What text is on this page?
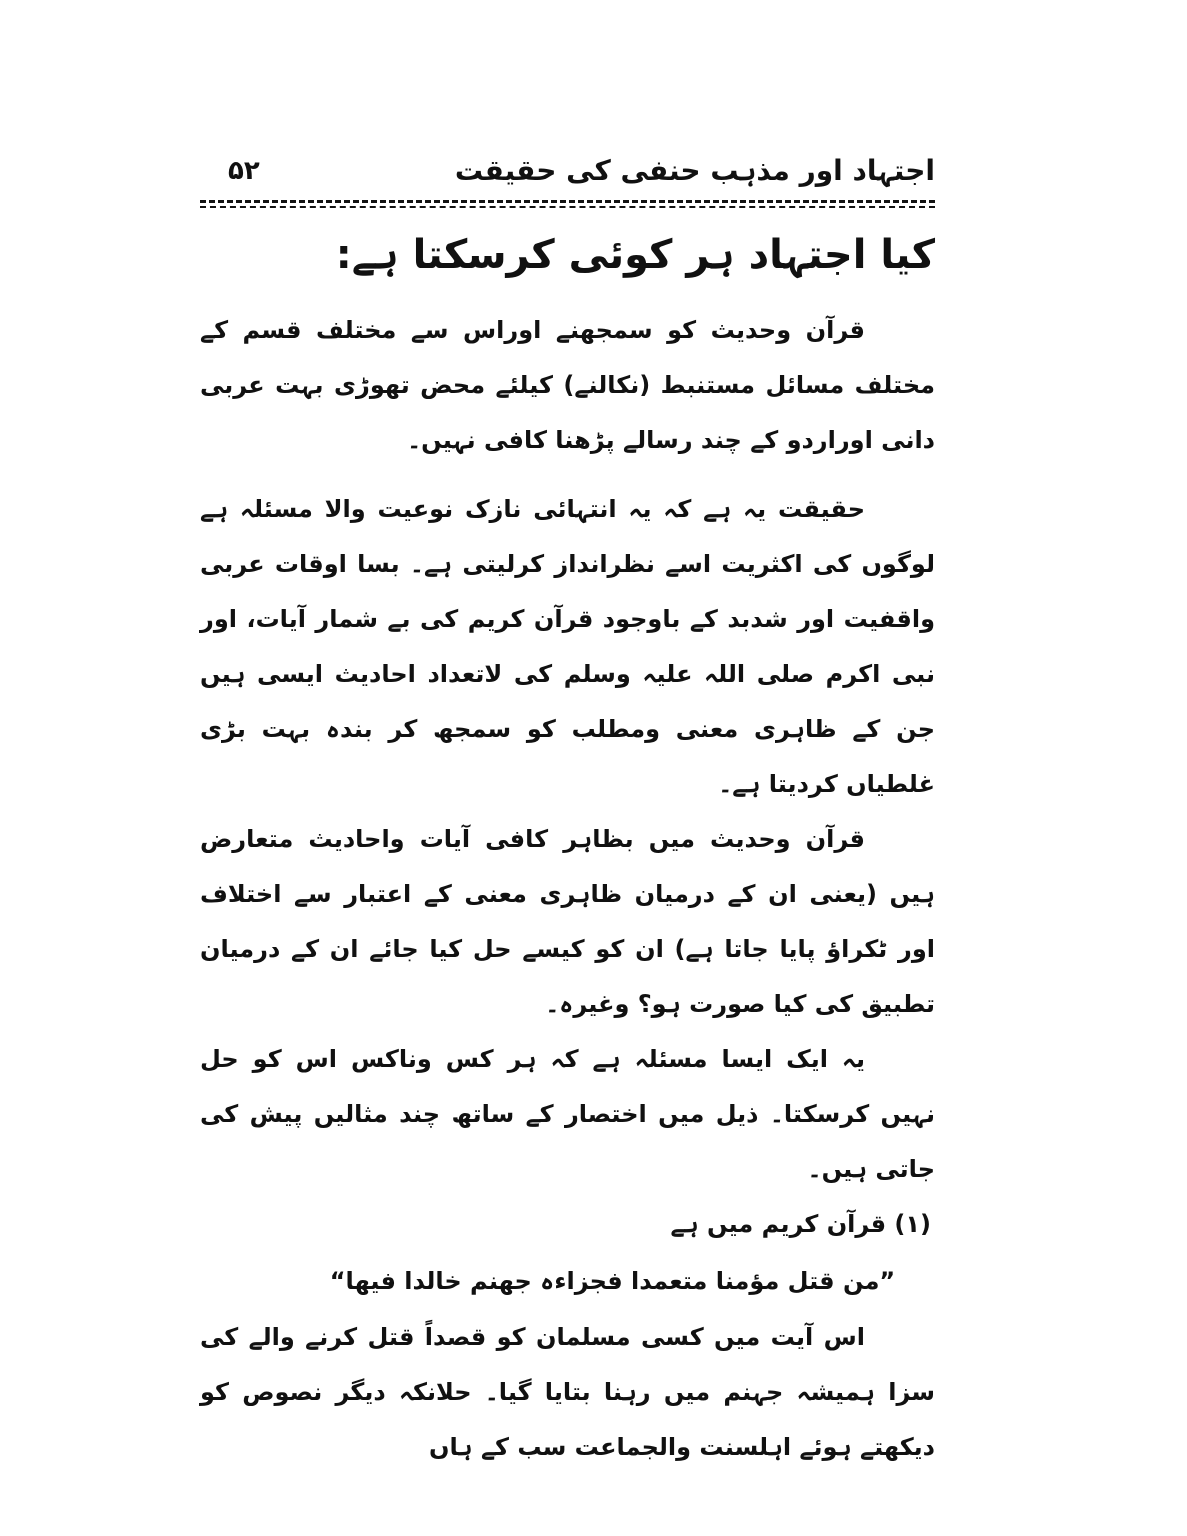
۵۲	اجتہاد اور مذہب حنفی کی حقیقت
کیا اجتہاد ہر کوئی کرسکتا ہے:

قرآن وحدیث کو سمجھنے اوراس سے مختلف قسم کے مختلف مسائل مستنبط (نکالنے) کیلئے محض تھوڑی بہت عربی دانی اوراردو کے چند رسالے پڑھنا کافی نہیں۔

حقیقت یہ ہے کہ یہ انتہائی نازک نوعیت والا مسئلہ ہے لوگوں کی اکثریت اسے نظرانداز کرلیتی ہے۔ بسا اوقات عربی واقفیت اور شدبد کے باوجود قرآن کریم کی بے شمار آیات، اور نبی اکرم صلی اللہ علیہ وسلم کی لاتعداد احادیث ایسی ہیں جن کے ظاہری معنی ومطلب کو سمجھ کر بندہ بہت بڑی غلطیاں کردیتا ہے۔

قرآن وحدیث میں بظاہر کافی آیات واحادیث متعارض ہیں (یعنی ان کے درمیان ظاہری معنی کے اعتبار سے اختلاف اور ٹکراؤ پایا جاتا ہے) ان کو کیسے حل کیا جائے ان کے درمیان تطبیق کی کیا صورت ہو؟ وغیرہ۔

یہ ایک ایسا مسئلہ ہے کہ ہر کس وناکس اس کو حل نہیں کرسکتا۔ ذیل میں اختصار کے ساتھ چند مثالیں پیش کی جاتی ہیں۔

(۱) قرآن کریم میں ہے

”من قتل مؤمنا متعمدا فجزاءہ جھنم خالدا فیھا“

اس آیت میں کسی مسلمان کو قصداً قتل کرنے والے کی سزا ہمیشہ جہنم میں رہنا بتایا گیا۔ حلانکہ دیگر نصوص کو دیکھتے ہوئے اہلسنت والجماعت سب کے ہاں
